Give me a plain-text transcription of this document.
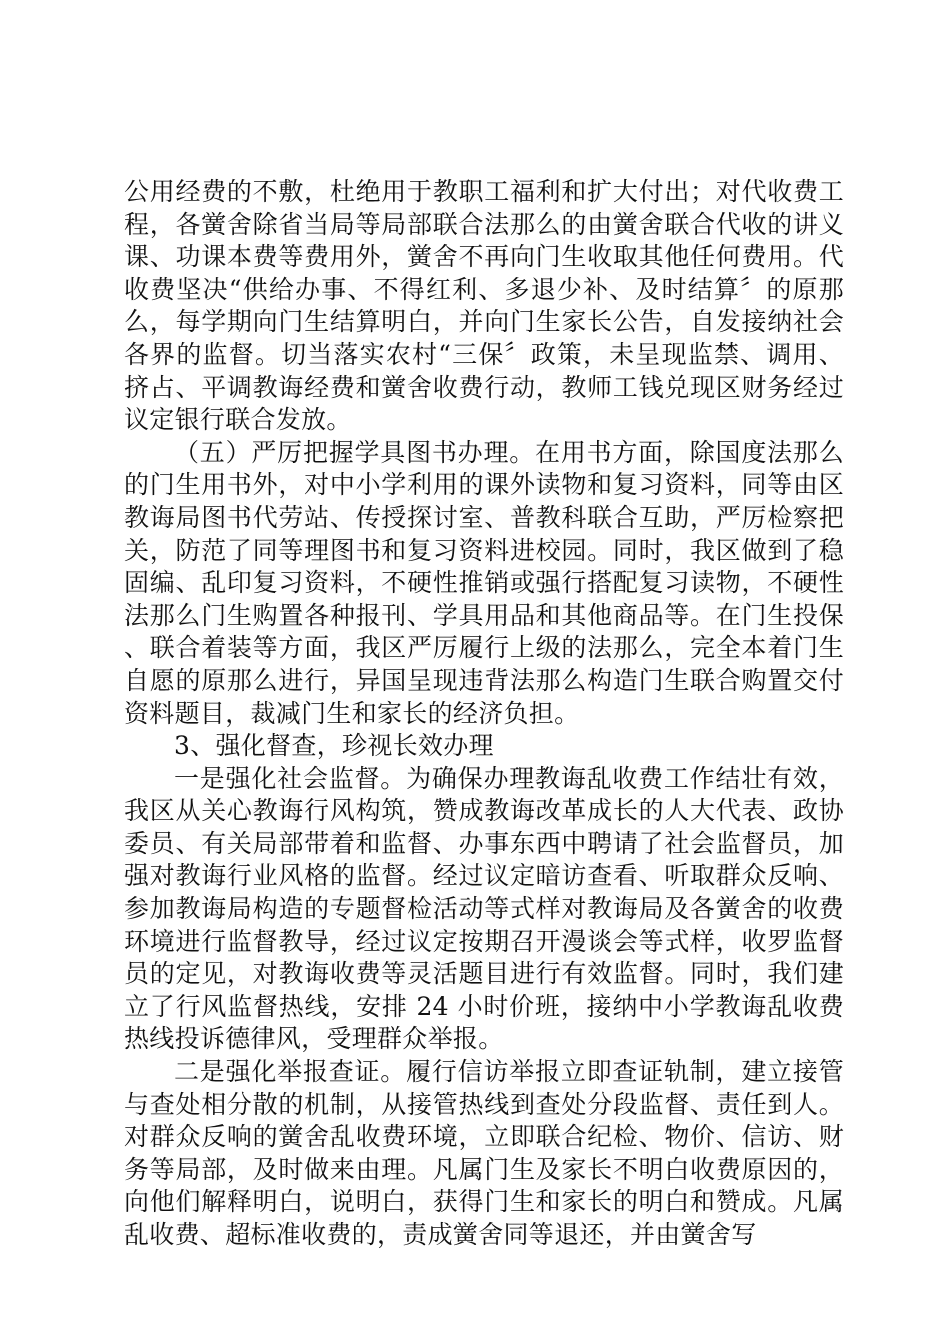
公用经费的不敷，杜绝用于教职工福利和扩大付出；对代收费工程，各黉舍除省当局等局部联合法那么的由黉舍联合代收的讲义课、功课本费等费用外，黉舍不再向门生收取其他任何费用。代收费坚决“供给办事、不得红利、多退少补、及时结算〞的原那么，每学期向门生结算明白，并向门生家长公告，自发接纳社会各界的监督。切当落实农村“三保〞政策，未呈现监禁、调用、挤占、平调教诲经费和黉舍收费行动，教师工钱兑现区财务经过议定银行联合发放。

（五）严厉把握学具图书办理。在用书方面，除国度法那么的门生用书外，对中小学利用的课外读物和复习资料，同等由区教诲局图书代劳站、传授探讨室、普教科联合互助，严厉检察把关，防范了同等理图书和复习资料进校园。同时，我区做到了稳固编、乱印复习资料，不硬性推销或强行搭配复习读物，不硬性法那么门生购置各种报刊、学具用品和其他商品等。在门生投保、联合着装等方面，我区严厉履行上级的法那么，完全本着门生自愿的原那么进行，异国呈现违背法那么构造门生联合购置交付资料题目，裁减门生和家长的经济负担。

3、强化督查，珍视长效办理

一是强化社会监督。为确保办理教诲乱收费工作结壮有效，我区从关心教诲行风构筑，赞成教诲改革成长的人大代表、政协委员、有关局部带着和监督、办事东西中聘请了社会监督员，加强对教诲行业风格的监督。经过议定暗访查看、听取群众反响、参加教诲局构造的专题督检活动等式样对教诲局及各黉舍的收费环境进行监督教导，经过议定按期召开漫谈会等式样，收罗监督员的定见，对教诲收费等灵活题目进行有效监督。同时，我们建立了行风监督热线，安排 24 小时价班，接纳中小学教诲乱收费热线投诉德律风，受理群众举报。

二是强化举报查证。履行信访举报立即查证轨制，建立接管与查处相分散的机制，从接管热线到查处分段监督、责任到人。对群众反响的黉舍乱收费环境，立即联合纪检、物价、信访、财务等局部，及时做来由理。凡属门生及家长不明白收费原因的，向他们解释明白，说明白，获得门生和家长的明白和赞成。凡属乱收费、超标准收费的，责成黉舍同等退还，并由黉舍写
